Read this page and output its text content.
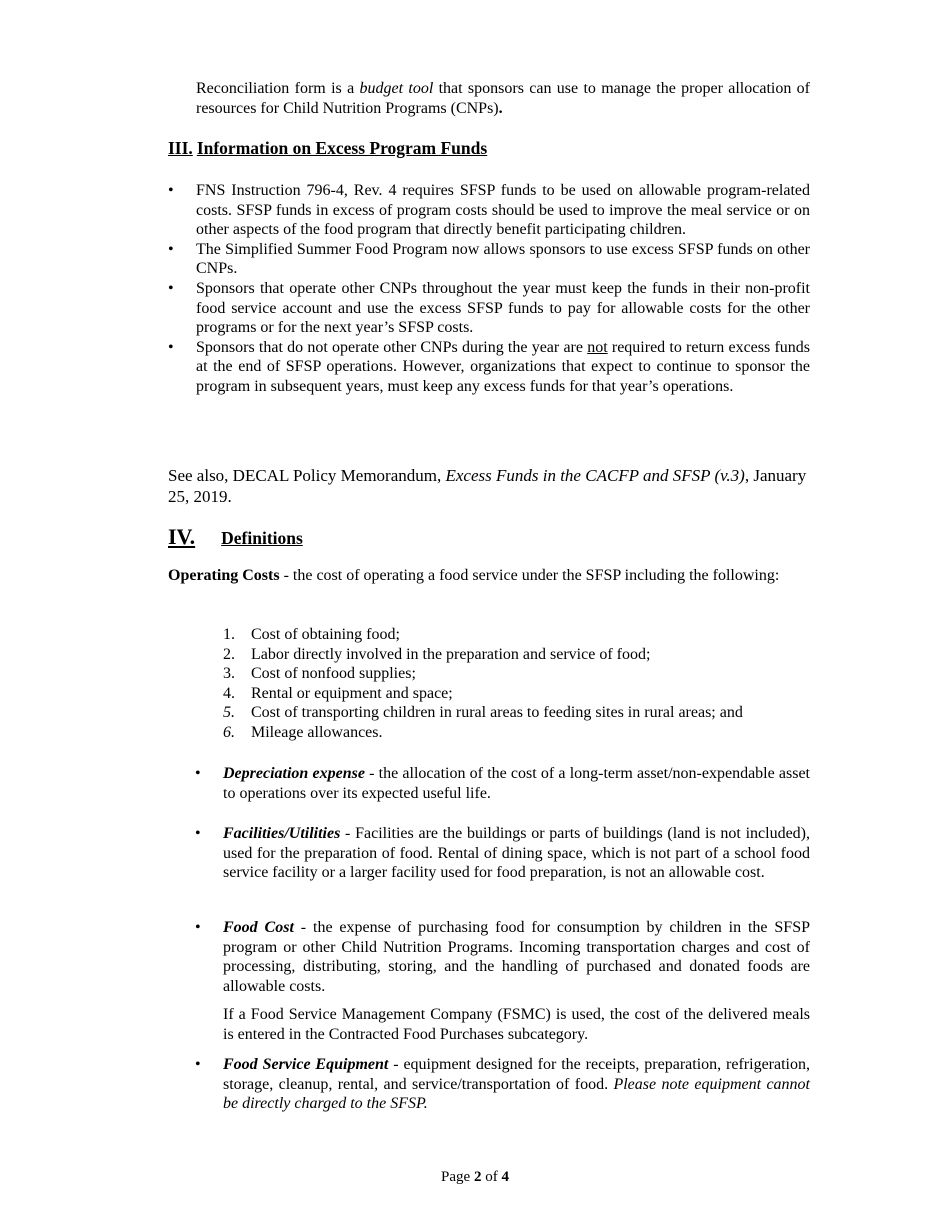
Reconciliation form is a budget tool that sponsors can use to manage the proper allocation of resources for Child Nutrition Programs (CNPs).

III. Information on Excess Program Funds
• FNS Instruction 796-4, Rev. 4 requires SFSP funds to be used on allowable program-related costs. SFSP funds in excess of program costs should be used to improve the meal service or on other aspects of the food program that directly benefit participating children.
• The Simplified Summer Food Program now allows sponsors to use excess SFSP funds on other CNPs.
• Sponsors that operate other CNPs throughout the year must keep the funds in their non-profit food service account and use the excess SFSP funds to pay for allowable costs for the other programs or for the next year’s SFSP costs.
• Sponsors that do not operate other CNPs during the year are not required to return excess funds at the end of SFSP operations. However, organizations that expect to continue to sponsor the program in subsequent years, must keep any excess funds for that year’s operations.

See also, DECAL Policy Memorandum, Excess Funds in the CACFP and SFSP (v.3), January 25, 2019.

IV. Definitions

Operating Costs - the cost of operating a food service under the SFSP including the following:

1.	Cost of obtaining food;
2.	Labor directly involved in the preparation and service of food;
3.	Cost of nonfood supplies;
4.	Rental or equipment and space;
5.	Cost of transporting children in rural areas to feeding sites in rural areas; and
6.	Mileage allowances.
• Depreciation expense - the allocation of the cost of a long-term asset/non-expendable asset to operations over its expected useful life.
• Facilities/Utilities - Facilities are the buildings or parts of buildings (land is not included), used for the preparation of food. Rental of dining space, which is not part of a school food service facility or a larger facility used for food preparation, is not an allowable cost.
• Food Cost - the expense of purchasing food for consumption by children in the SFSP program or other Child Nutrition Programs. Incoming transportation charges and cost of processing, distributing, storing, and the handling of purchased and donated foods are allowable costs.

If a Food Service Management Company (FSMC) is used, the cost of the delivered meals is entered in the Contracted Food Purchases subcategory.

• Food Service Equipment - equipment designed for the receipts, preparation, refrigeration, storage, cleanup, rental, and service/transportation of food. Please note equipment cannot be directly charged to the SFSP.
Page 2 of 4
